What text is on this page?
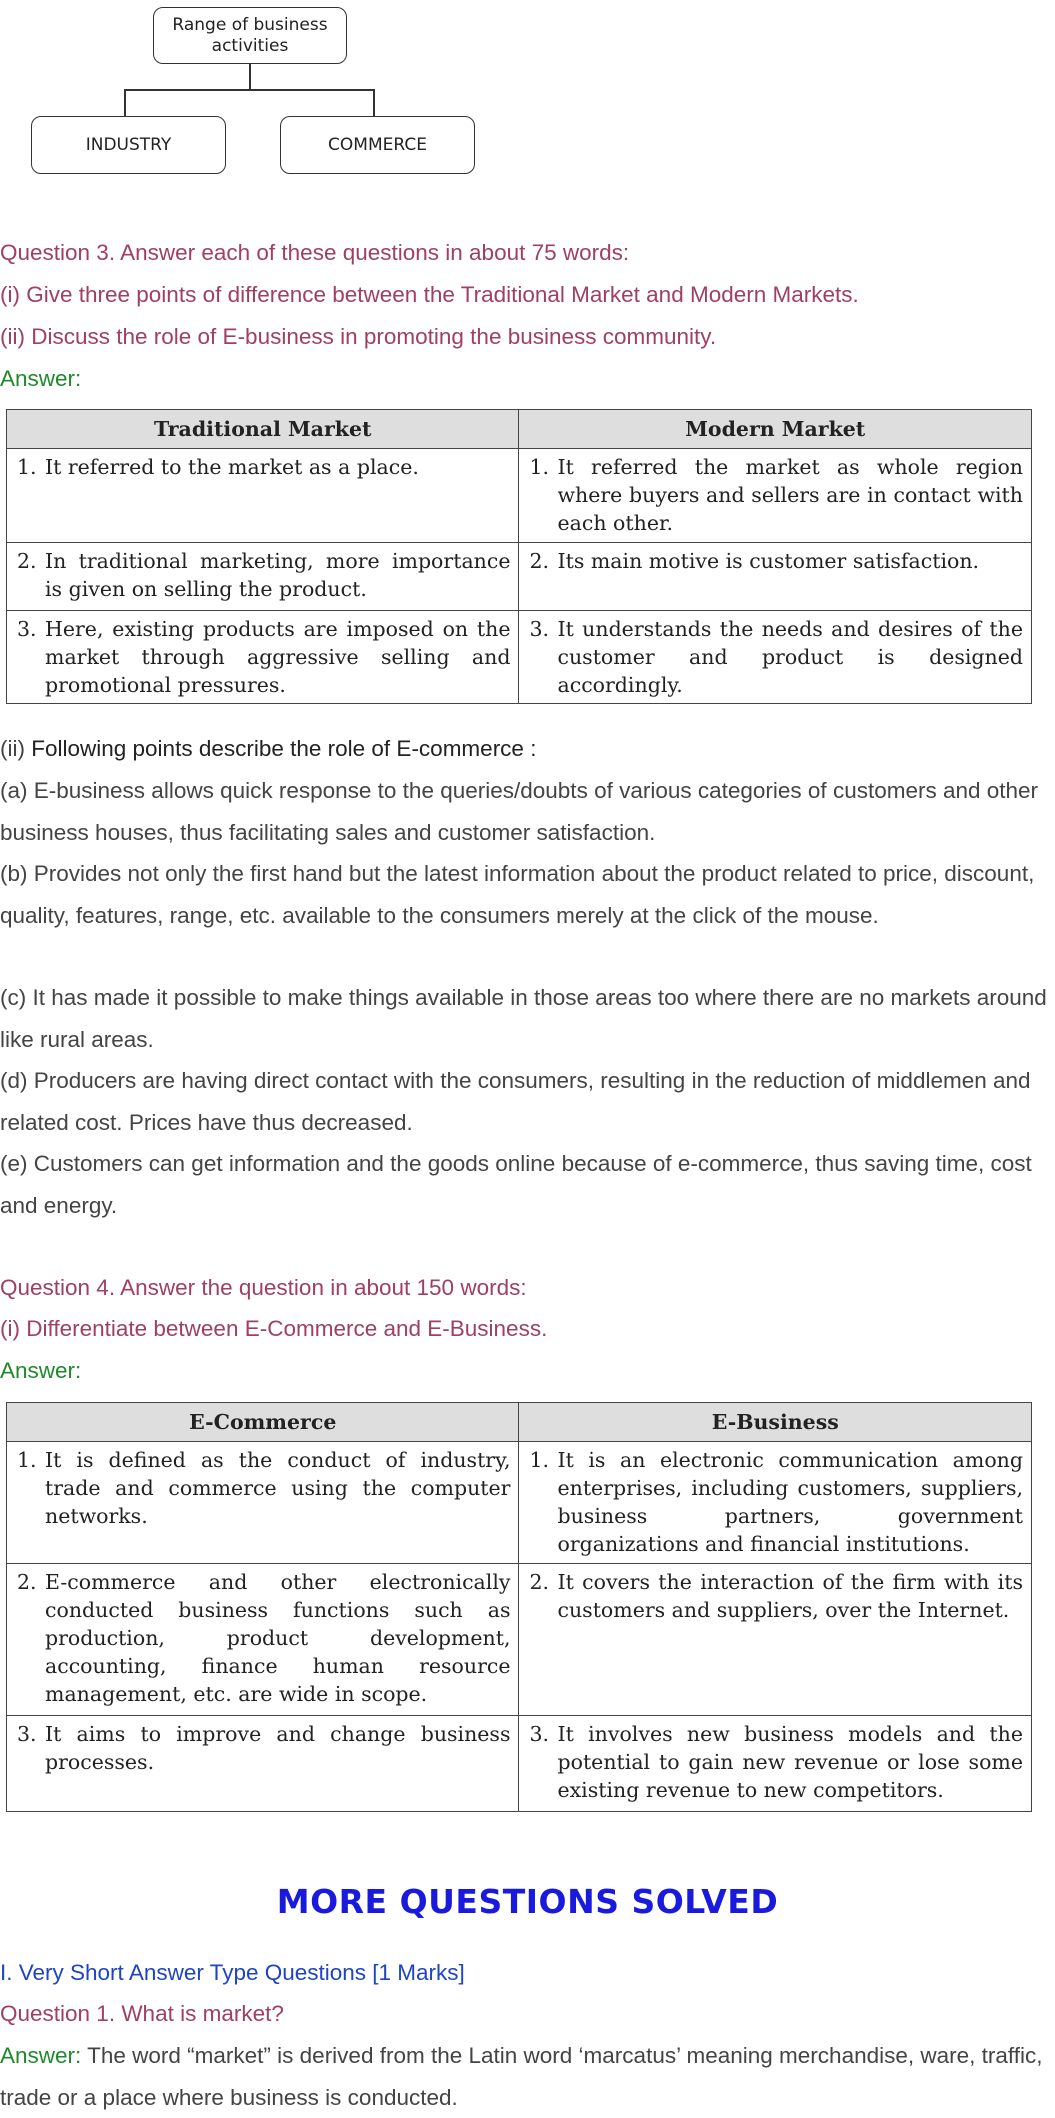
Range of business activities
INDUSTRY	COMMERCE

Question 3. Answer each of these questions in about 75 words:

(i) Give three points of difference between the Traditional Market and Modern Markets.

(ii) Discuss the role of E-business in promoting the business community.

Answer:

Traditional Market	Modern Market

1. It referred to the market as a place.	1. It referred the market as whole region where buyers and sellers are in contact with each other.

2. In traditional marketing, more importance is given on selling the product.	2. Its main motive is customer satisfaction.

3. Here, existing products are imposed on the market through aggressive selling and promotional pressures.	3. It understands the needs and desires of the customer and product is designed accordingly.

(ii) Following points describe the role of E-commerce :

(a) E-business allows quick response to the queries/doubts of various categories of customers and other business houses, thus facilitating sales and customer satisfaction.

(b) Provides not only the first hand but the latest information about the product related to price, discount, quality, features, range, etc. available to the consumers merely at the click of the mouse.

(c) It has made it possible to make things available in those areas too where there are no markets around like rural areas.

(d) Producers are having direct contact with the consumers, resulting in the reduction of middlemen and related cost. Prices have thus decreased.

(e) Customers can get information and the goods online because of e-commerce, thus saving time, cost and energy.

Question 4. Answer the question in about 150 words:

(i) Differentiate between E-Commerce and E-Business.

Answer:

E-Commerce	E-Business

1. It is defined as the conduct of industry, trade and commerce using the computer networks.	1. It is an electronic communication among enterprises, including customers, suppliers, business partners, government organizations and financial institutions.

2. E-commerce and other electronically conducted business functions such as production, product development, accounting, finance human resource management, etc. are wide in scope.	2. It covers the interaction of the firm with its customers and suppliers, over the Internet.

3. It aims to improve and change business processes.	3. It involves new business models and the potential to gain new revenue or lose some existing revenue to new competitors.
MORE QUESTIONS SOLVED

I. Very Short Answer Type Questions [1 Marks]

Question 1. What is market?

Answer: The word “market” is derived from the Latin word ‘marcatus’ meaning merchandise, ware, traffic, trade or a place where business is conducted.
